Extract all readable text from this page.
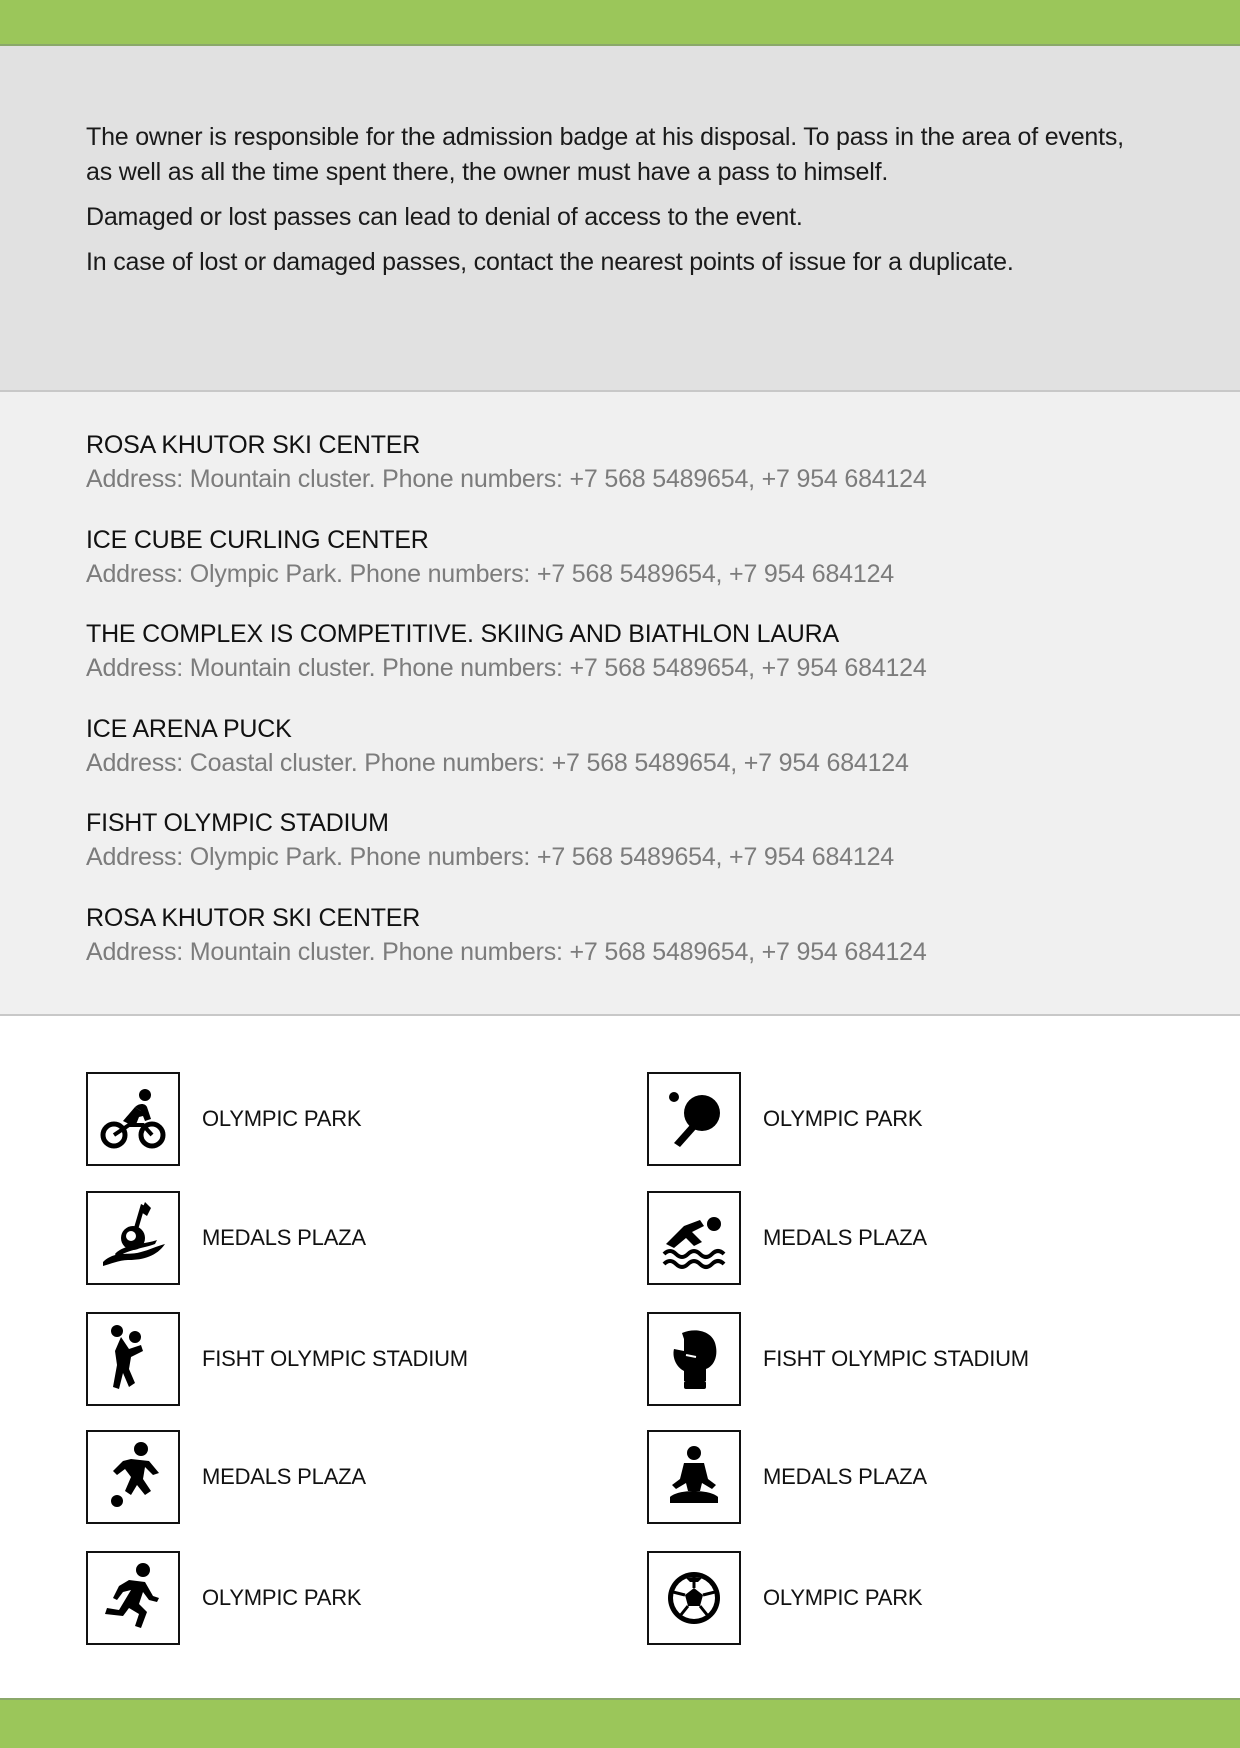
The owner is responsible for the admission badge at his disposal. To pass in the area of events, as well as all the time spent there, the owner must have a pass to himself.

Damaged or lost passes can lead to denial of access to the event.

In case of lost or damaged passes, contact the nearest points of issue for a duplicate.

ROSA KHUTOR SKI CENTER
Address: Mountain cluster. Phone numbers: +7 568 5489654, +7 954 684124
ICE CUBE CURLING CENTER
Address: Olympic Park. Phone numbers: +7 568 5489654, +7 954 684124
THE COMPLEX IS COMPETITIVE. SKIING AND BIATHLON LAURA
Address: Mountain cluster. Phone numbers: +7 568 5489654, +7 954 684124
ICE ARENA PUCK
Address: Coastal cluster. Phone numbers: +7 568 5489654, +7 954 684124
FISHT OLYMPIC STADIUM
Address: Olympic Park. Phone numbers: +7 568 5489654, +7 954 684124
ROSA KHUTOR SKI CENTER
Address: Mountain cluster. Phone numbers: +7 568 5489654, +7 954 684124
OLYMPIC PARK	OLYMPIC PARK
MEDALS PLAZA	MEDALS PLAZA
FISHT OLYMPIC STADIUM	FISHT OLYMPIC STADIUM
MEDALS PLAZA	MEDALS PLAZA
OLYMPIC PARK	OLYMPIC PARK
